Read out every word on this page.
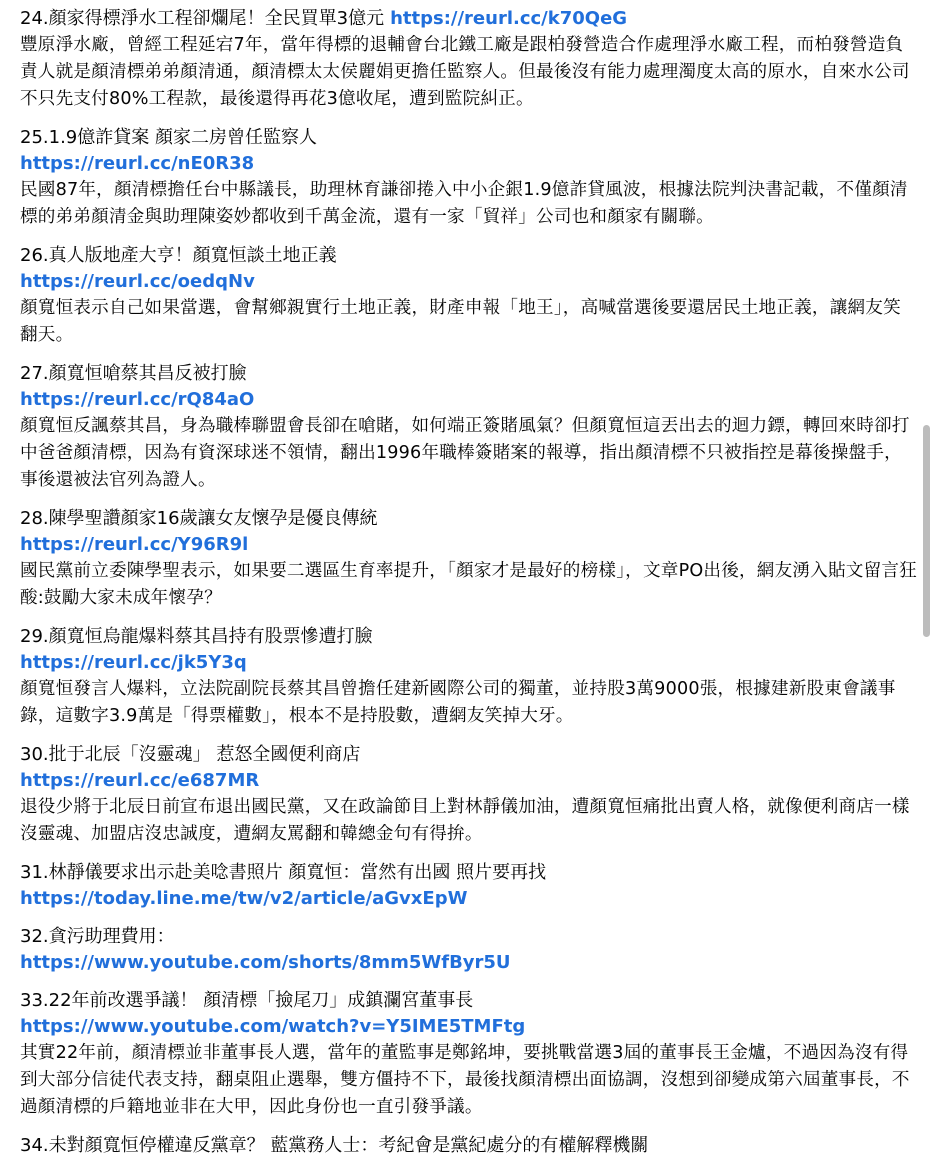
24.顏家得標淨水工程卻爛尾！全民買單3億元 https://reurl.cc/k70QeG

豐原淨水廠，曾經工程延宕7年，當年得標的退輔會台北鐵工廠是跟柏發營造合作處理淨水廠工程，而柏發營造負責人就是顏清標弟弟顏清通，顏清標太太侯麗娟更擔任監察人。但最後沒有能力處理濁度太高的原水，自來水公司不只先支付80%工程款，最後還得再花3億收尾，遭到監院糾正。

25.1.9億詐貸案 顏家二房曾任監察人
https://reurl.cc/nE0R38

民國87年，顏清標擔任台中縣議長，助理林育謙卻捲入中小企銀1.9億詐貸風波，根據法院判決書記載，不僅顏清標的弟弟顏清金與助理陳姿妙都收到千萬金流，還有一家「貿祥」公司也和顏家有關聯。

26.真人版地產大亨！顏寬恒談土地正義
https://reurl.cc/oedqNv

顏寬恒表示自己如果當選，會幫鄉親實行土地正義，財產申報「地王」，高喊當選後要還居民土地正義，讓網友笑翻天。

27.顏寬恒嗆蔡其昌反被打臉
https://reurl.cc/rQ84aO

顏寬恒反諷蔡其昌，身為職棒聯盟會長卻在嗆賭，如何端正簽賭風氣？但顏寬恒這丟出去的迴力鏢，轉回來時卻打中爸爸顏清標，因為有資深球迷不領情，翻出1996年職棒簽賭案的報導，指出顏清標不只被指控是幕後操盤手，事後還被法官列為證人。

28.陳學聖讚顏家16歲讓女友懷孕是優良傳統
https://reurl.cc/Y96R9l

國民黨前立委陳學聖表示，如果要二選區生育率提升，「顏家才是最好的榜樣」，文章PO出後，網友湧入貼文留言狂酸:鼓勵大家未成年懷孕？

29.顏寬恒烏龍爆料蔡其昌持有股票慘遭打臉
https://reurl.cc/jk5Y3q

顏寬恒發言人爆料，立法院副院長蔡其昌曾擔任建新國際公司的獨董，並持股3萬9000張，根據建新股東會議事錄，這數字3.9萬是「得票權數」，根本不是持股數，遭網友笑掉大牙。

30.批于北辰「沒靈魂」 惹怒全國便利商店
https://reurl.cc/e687MR

退役少將于北辰日前宣布退出國民黨，又在政論節目上對林靜儀加油，遭顏寬恒痛批出賣人格，就像便利商店一樣沒靈魂、加盟店沒忠誠度，遭網友罵翻和韓總金句有得拚。

31.林靜儀要求出示赴美唸書照片 顏寬恒：當然有出國 照片要再找
https://today.line.me/tw/v2/article/aGvxEpW
32.貪污助理費用：
https://www.youtube.com/shorts/8mm5WfByr5U
33.22年前改選爭議！ 顏清標「撿尾刀」成鎮瀾宮董事長
https://www.youtube.com/watch?v=Y5IME5TMFtg

其實22年前，顏清標並非董事長人選，當年的董監事是鄭銘坤，要挑戰當選3屆的董事長王金爐，不過因為沒有得到大部分信徒代表支持，翻桌阻止選舉，雙方僵持不下，最後找顏清標出面協調，沒想到卻變成第六屆董事長，不過顏清標的戶籍地並非在大甲，因此身份也一直引發爭議。

34.未對顏寬恒停權違反黨章？ 藍黨務人士：考紀會是黨紀處分的有權解釋機關
